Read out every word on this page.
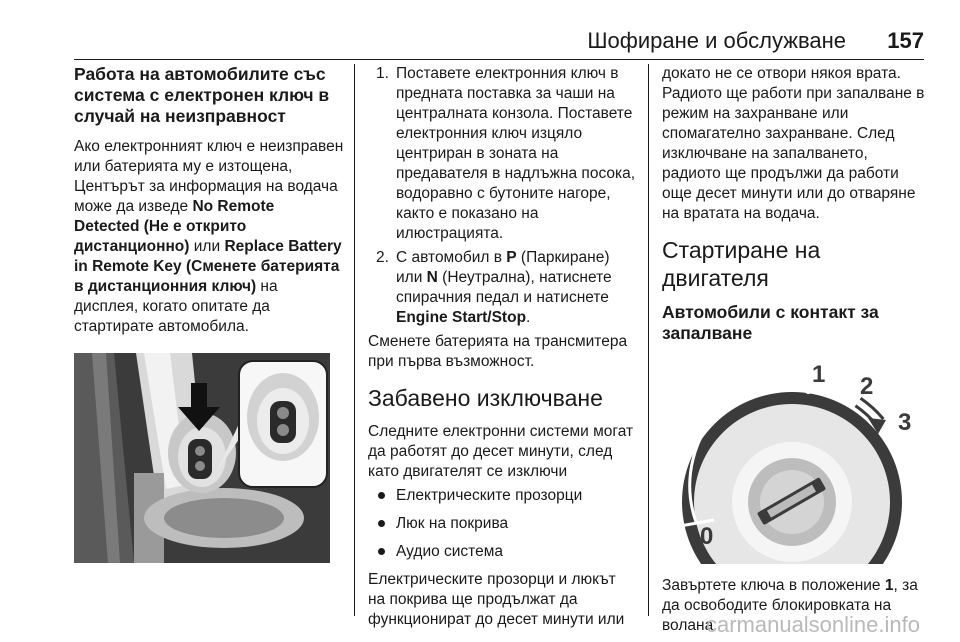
Шофиране и обслужване 157
Работа на автомобилите със система с електронен ключ в случай на неизправност

Ако електронният ключ е неизправен или батерията му е изтощена, Центърът за информация на водача може да изведе No Remote Detected (Не е открито дистанционно) или Replace Battery in Remote Key (Сменете батерията в дистанционния ключ) на дисплея, когато опитате да стартирате автомобила.

1. Поставете електронния ключ в предната поставка за чаши на централната конзола. Поставете електронния ключ изцяло центриран в зоната на предавателя в надлъжна посока, водоравно с бутоните нагоре, както е показано на илюстрацията.
2. С автомобил в P (Паркиране) или N (Неутрална), натиснете спирачния педал и натиснете Engine Start/Stop.

Сменете батерията на трансмитера при първа възможност.

Забавено изключване

Следните електронни системи могат да работят до десет минути, след като двигателят се изключи

Електрическите прозорци
Люк на покрива
Аудио система

Електрическите прозорци и люкът на покрива ще продължат да функционират до десет минути или

докато не се отвори някоя врата. Радиото ще работи при запалване в режим на захранване или спомагателно захранване. След изключване на запалването, радиото ще продължи да работи още десет минути или до отваряне на вратата на водача.

Стартиране на двигателя
Автомобили с контакт за запалване
0
1 2
3

Завъртете ключа в положение 1, за да освободите блокировката на волана.

carmanualsonline.info
